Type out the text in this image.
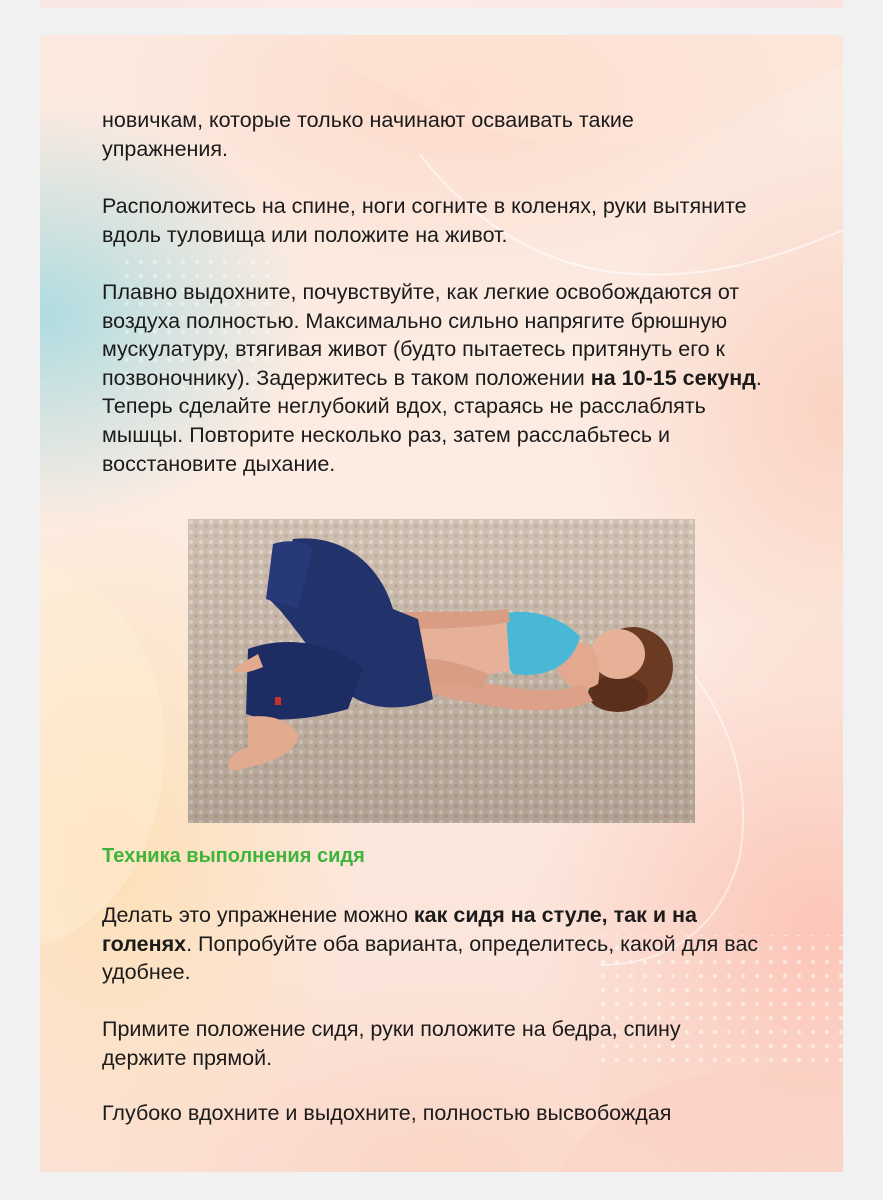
новичкам, которые только начинают осваивать такие упражнения.

Расположитесь на спине, ноги согните в коленях, руки вытяните вдоль туловища или положите на живот.

Плавно выдохните, почувствуйте, как легкие освобождаются от воздуха полностью. Максимально сильно напрягите брюшную мускулатуру, втягивая живот (будто пытаетесь притянуть его к позвоночнику). Задержитесь в таком положении на 10-15 секунд. Теперь сделайте неглубокий вдох, стараясь не расслаблять мышцы. Повторите несколько раз, затем расслабьтесь и восстановите дыхание.

Техника выполнения сидя

Делать это упражнение можно как сидя на стуле, так и на голенях. Попробуйте оба варианта, определитесь, какой для вас удобнее.

Примите положение сидя, руки положите на бедра, спину держите прямой.

Глубоко вдохните и выдохните, полностью высвобождая
